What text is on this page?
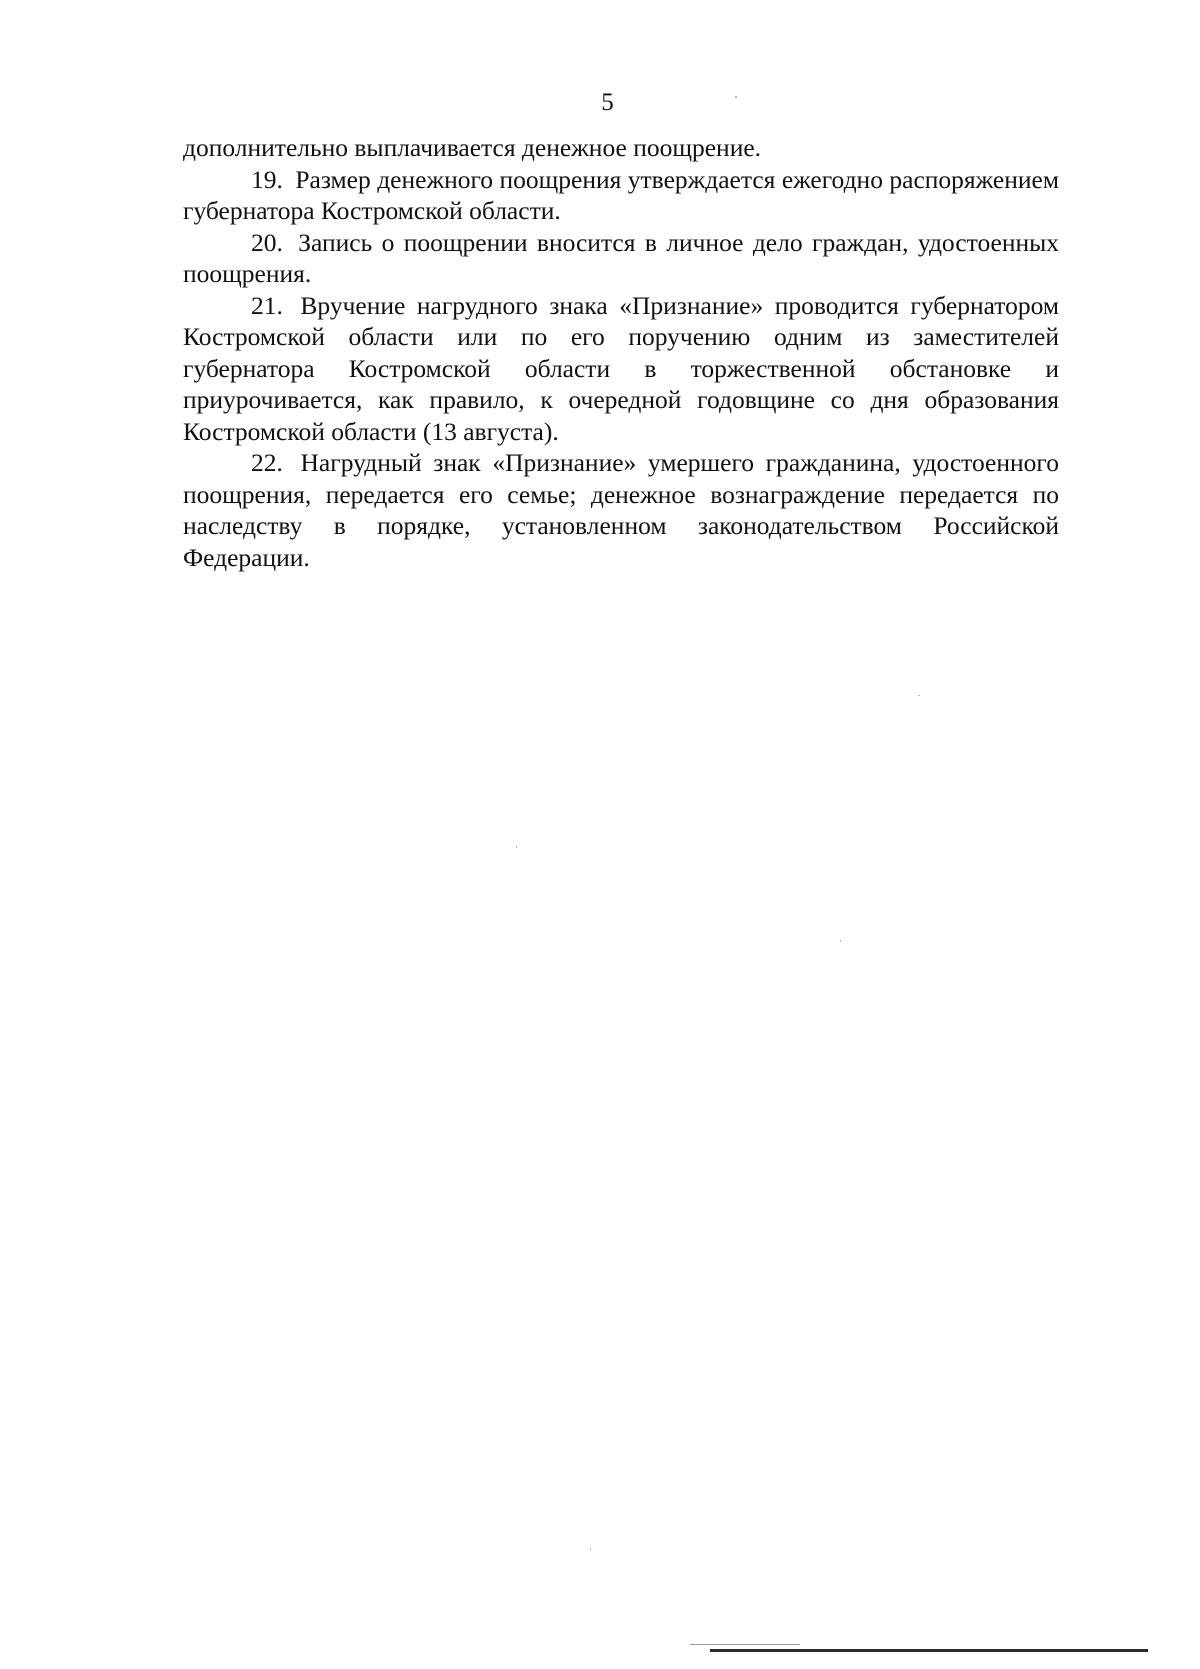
5

дополнительно выплачивается денежное поощрение.

19. Размер денежного поощрения утверждается ежегодно распоряжением губернатора Костромской области.

20. Запись о поощрении вносится в личное дело граждан, удостоенных поощрения.

21. Вручение нагрудного знака «Признание» проводится губернатором Костромской области или по его поручению одним из заместителей губернатора Костромской области в торжественной обстановке и приурочивается, как правило, к очередной годовщине со дня образования Костромской области (13 августа).

22. Нагрудный знак «Признание» умершего гражданина, удостоенного поощрения, передается его семье; денежное вознаграждение передается по наследству в порядке, установленном законодательством Российской Федерации.
